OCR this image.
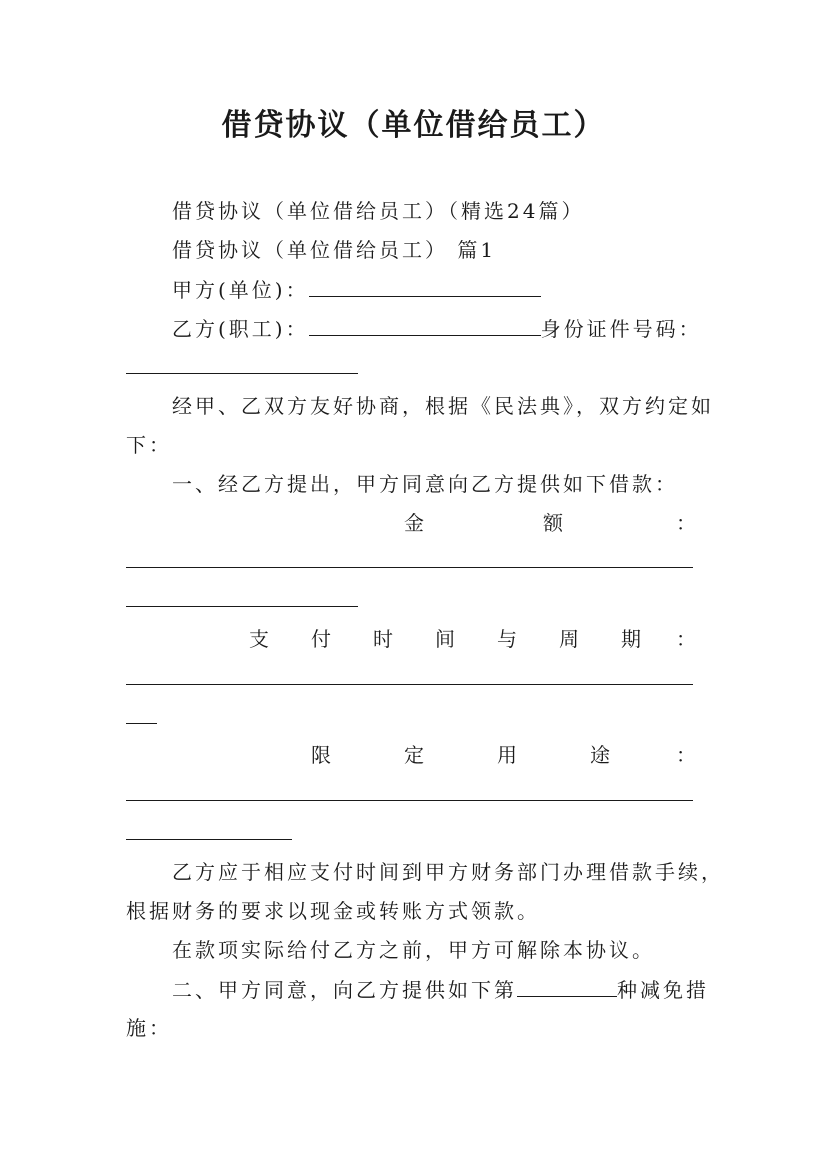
借贷协议（单位借给员工）

借贷协议（单位借给员工）（精选24篇）

借贷协议（单位借给员工） 篇1

甲方(单位)：

乙方(职工)：	身份证件号码：

经甲、乙双方友好协商，根据《民法典》，双方约定如

下：

一、经乙方提出，甲方同意向乙方提供如下借款：

金	额	：
支 付 时 间 与 周 期 ：
限	定	用	途	：

乙方应于相应支付时间到甲方财务部门办理借款手续，

根据财务的要求以现金或转账方式领款。

在款项实际给付乙方之前，甲方可解除本协议。

二、甲方同意，向乙方提供如下第	种减免措

施：
